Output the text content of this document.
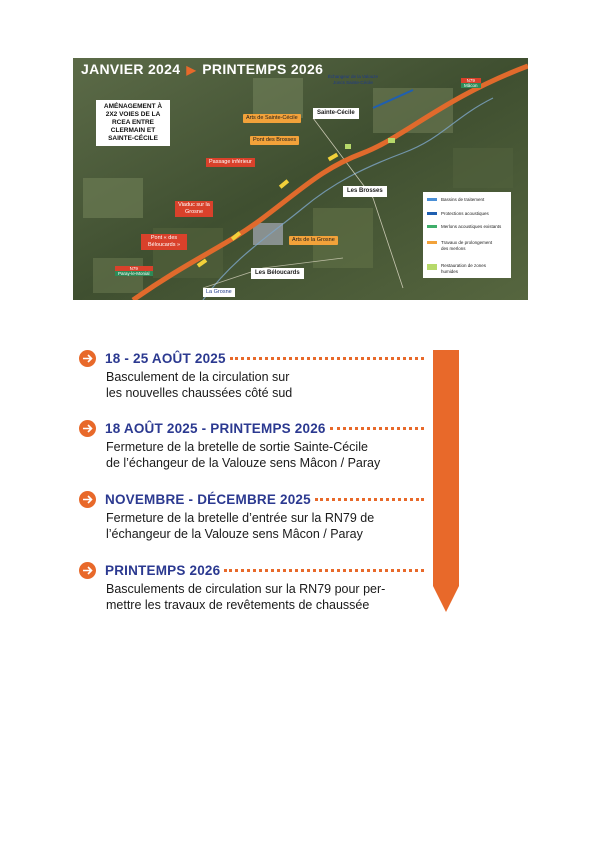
JANVIER 2024 ▶ PRINTEMPS 2026
AMÉNAGEMENT À 2X2 VOIES DE LA RCEA ENTRE CLERMAIN ET SAINTE-CÉCILE
Échangeur de la Valouze Joncs Sainte-Cécile
Sainte-Cécile
Arts de Sainte-Cécile
Pont des Brosses
Passage inférieur
Les Brosses
Viaduc sur la Grosne
Arts de la Grosne
Pont « des Béloucards »
Les Béloucards
La Grosne
N79
Mâcon
N79
Paray-le-Monial
Bassins de traitement
Protections acoustiques
Merlons acoustiques existants
Travaux de prolongement des merlons
Restauration de zones humides
18 - 25 AOÛT 2025
Basculement de la circulation sur
les nouvelles chaussées côté sud
18 AOÛT 2025 - PRINTEMPS 2026
Fermeture de la bretelle de sortie Sainte-Cécile
de l’échangeur de la Valouze sens Mâcon / Paray
NOVEMBRE - DÉCEMBRE 2025
Fermeture de la bretelle d’entrée sur la RN79 de
l’échangeur de la Valouze sens Mâcon / Paray
PRINTEMPS 2026
Basculements de circulation sur la RN79 pour per-
mettre les travaux de revêtements de chaussée
